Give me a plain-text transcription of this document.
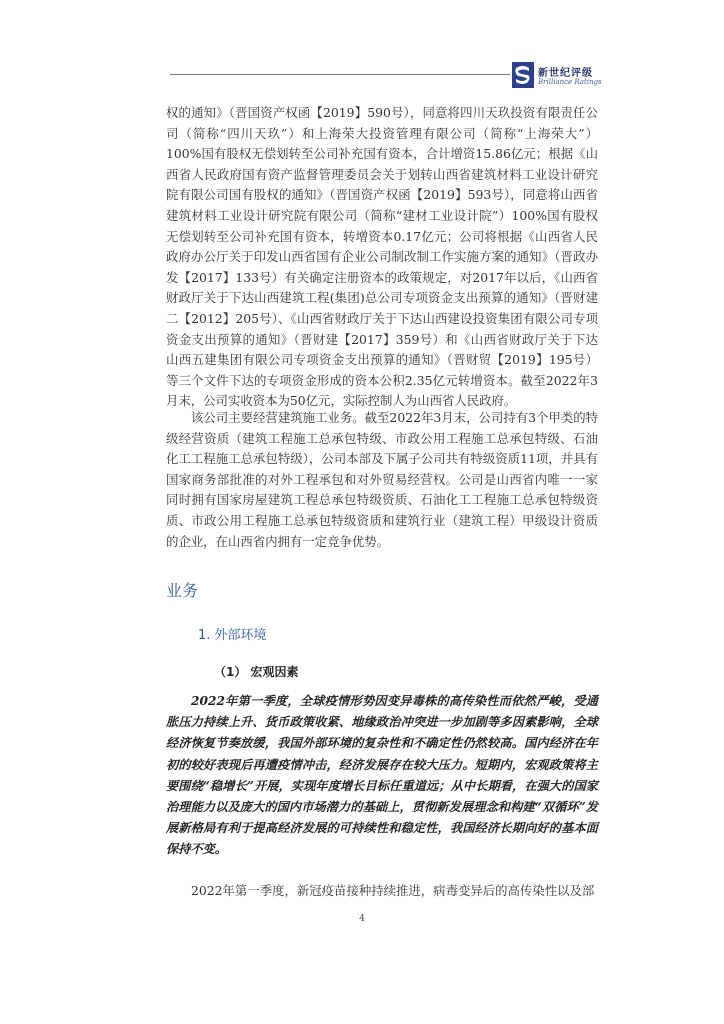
新世纪评级
Brilliance Ratings
权的通知》（晋国资产权函【2019】590号），同意将四川天玖投资有限责任公司（简称“四川天玖”）和上海荣大投资管理有限公司（简称“上海荣大”）100%国有股权无偿划转至公司补充国有资本，合计增资15.86亿元；根据《山西省人民政府国有资产监督管理委员会关于划转山西省建筑材料工业设计研究院有限公司国有股权的通知》（晋国资产权函【2019】593号），同意将山西省建筑材料工业设计研究院有限公司（简称“建材工业设计院”）100%国有股权无偿划转至公司补充国有资本，转增资本0.17亿元；公司将根据《山西省人民政府办公厅关于印发山西省国有企业公司制改制工作实施方案的通知》（晋政办发【2017】133号）有关确定注册资本的政策规定，对2017年以后，《山西省财政厅关于下达山西建筑工程(集团)总公司专项资金支出预算的通知》（晋财建二【2012】205号）、《山西省财政厅关于下达山西建设投资集团有限公司专项资金支出预算的通知》（晋财建【2017】359号）和《山西省财政厅关于下达山西五建集团有限公司专项资金支出预算的通知》（晋财贸【2019】195号）等三个文件下达的专项资金形成的资本公积2.35亿元转增资本。截至2022年3月末，公司实收资本为50亿元，实际控制人为山西省人民政府。
该公司主要经营建筑施工业务。截至2022年3月末，公司持有3个甲类的特级经营资质（建筑工程施工总承包特级、市政公用工程施工总承包特级、石油化工工程施工总承包特级），公司本部及下属子公司共有特级资质11项，并具有国家商务部批准的对外工程承包和对外贸易经营权。公司是山西省内唯一一家同时拥有国家房屋建筑工程总承包特级资质、石油化工工程施工总承包特级资质、市政公用工程施工总承包特级资质和建筑行业（建筑工程）甲级设计资质的企业，在山西省内拥有一定竞争优势。
业务
1. 外部环境
（1） 宏观因素
2022年第一季度，全球疫情形势因变异毒株的高传染性而依然严峻，受通胀压力持续上升、货币政策收紧、地缘政治冲突进一步加剧等多因素影响，全球经济恢复节奏放缓，我国外部环境的复杂性和不确定性仍然较高。国内经济在年初的较好表现后再遭疫情冲击，经济发展存在较大压力。短期内，宏观政策将主要围绕“稳增长”开展，实现年度增长目标任重道远；从中长期看，在强大的国家治理能力以及庞大的国内市场潜力的基础上，贯彻新发展理念和构建“双循环”发展新格局有利于提高经济发展的可持续性和稳定性，我国经济长期向好的基本面保持不变。
2022年第一季度，新冠疫苗接种持续推进，病毒变异后的高传染性以及部
4
